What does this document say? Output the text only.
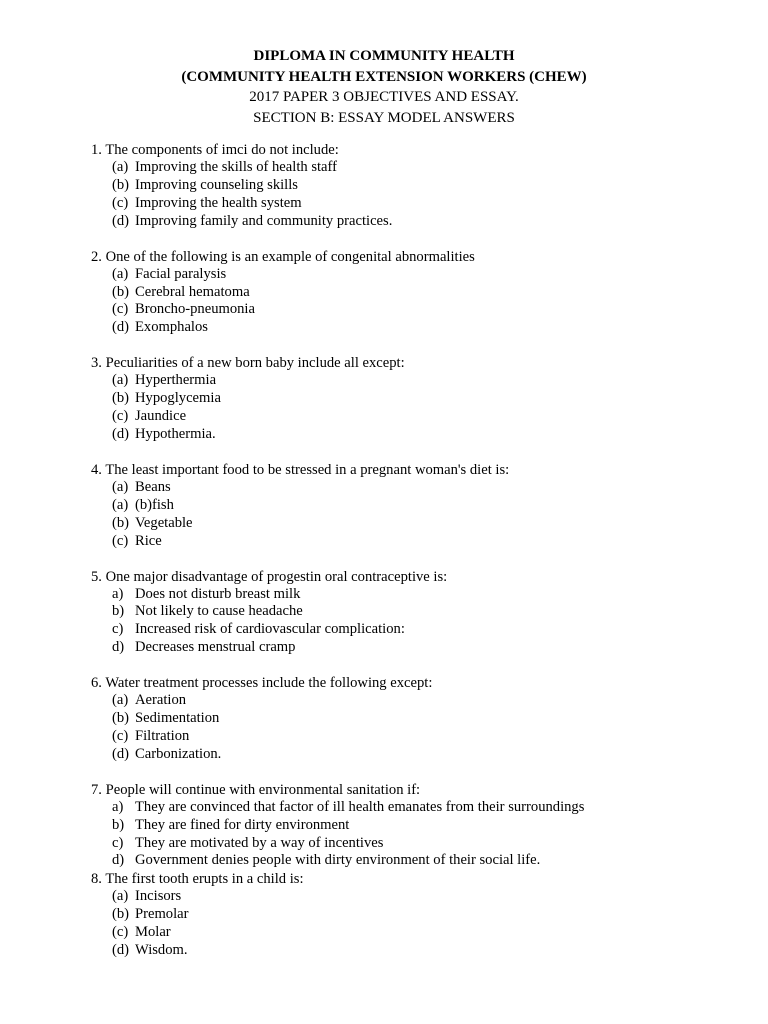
DIPLOMA IN COMMUNITY HEALTH
(COMMUNITY HEALTH EXTENSION WORKERS (CHEW)
2017 PAPER 3 OBJECTIVES AND ESSAY.
SECTION B: ESSAY MODEL ANSWERS
1. The components of imci do not include:
(a) Improving the skills of health staff
(b) Improving counseling skills
(c) Improving the health system
(d) Improving family and community practices.
2. One of the following is an example of congenital abnormalities
(a) Facial paralysis
(b) Cerebral hematoma
(c) Broncho-pneumonia
(d) Exomphalos
3. Peculiarities of a new born baby include all except:
(a) Hyperthermia
(b) Hypoglycemia
(c) Jaundice
(d) Hypothermia.
4. The least important food to be stressed in a pregnant woman's diet is:
(a) Beans
(a) (b)fish
(b) Vegetable
(c) Rice
5. One major disadvantage of progestin oral contraceptive is:
a) Does not disturb breast milk
b) Not likely to cause headache
c) Increased risk of cardiovascular complication:
d) Decreases menstrual cramp
6. Water treatment processes include the following except:
(a) Aeration
(b) Sedimentation
(c) Filtration
(d) Carbonization.
7. People will continue with environmental sanitation if:
a) They are convinced that factor of ill health emanates from their surroundings
b) They are fined for dirty environment
c) They are motivated by a way of incentives
d) Government denies people with dirty environment of their social life.
8. The first tooth erupts in a child is:
(a) Incisors
(b) Premolar
(c) Molar
(d) Wisdom.
